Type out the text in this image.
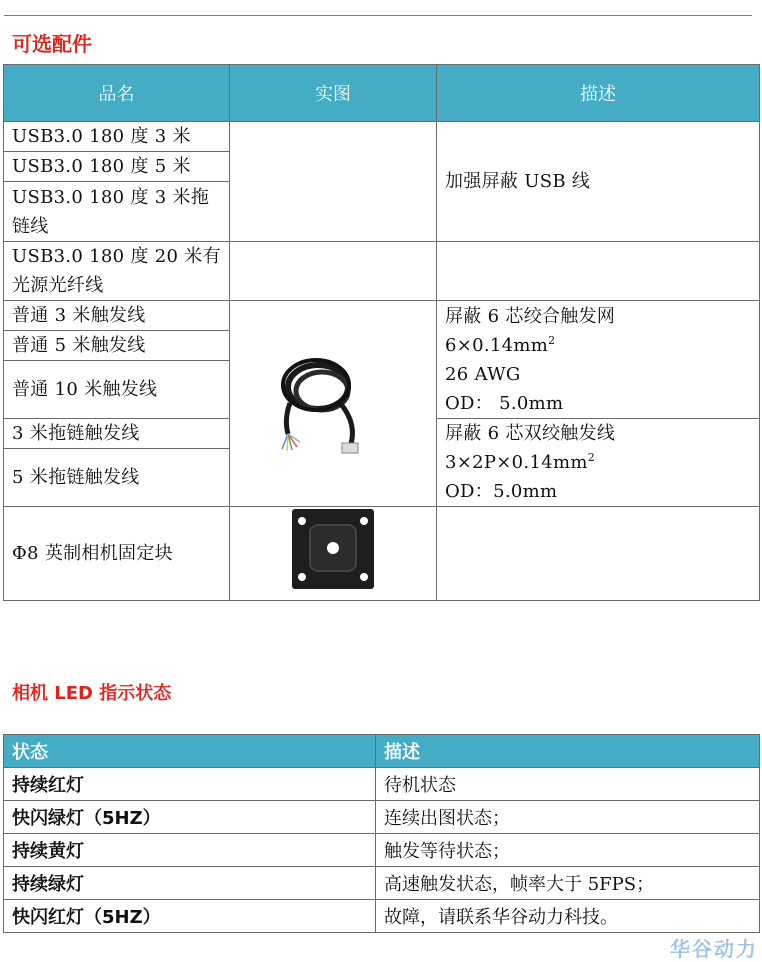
可选配件
品名	实图	描述
USB3.0 180 度 3 米		加强屏蔽 USB 线
USB3.0 180 度 5 米		
USB3.0 180 度 3 米拖链线		
USB3.0 180 度 20 米有光源光纤线		
普通 3 米触发线		屏蔽 6 芯绞合触发网
$6\times 0.14mm^2$
26 AWG
OD： 5.0mm

普通 5 米触发线		
普通 10 米触发线		
3 米拖链触发线		屏蔽 6 芯双绞触发线
$3\times 2P\times 0.14mm^2$
OD：5.0mm

5 米拖链触发线		
Φ8 英制相机固定块		
相机 LED 指示状态
状态	描述
持续红灯	待机状态
快闪绿灯（5HZ）	连续出图状态；
持续黄灯	触发等待状态；
持续绿灯	高速触发状态，帧率大于 5FPS；
快闪红灯（5HZ）	故障，请联系华谷动力科技。
华谷动力
